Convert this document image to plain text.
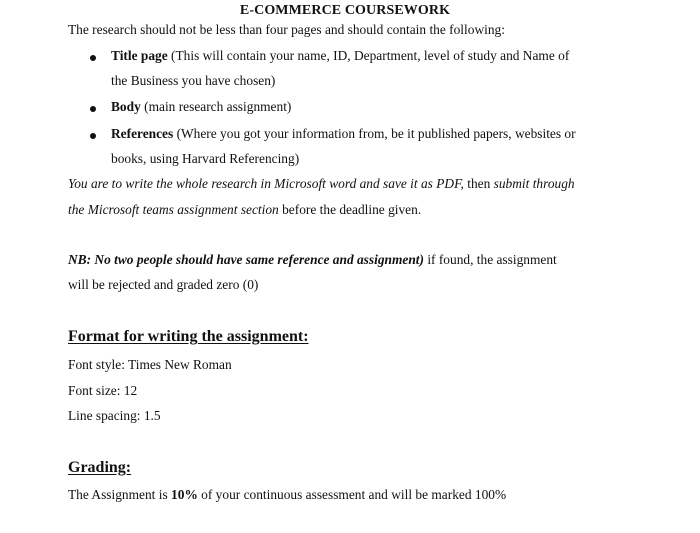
E-COMMERCE COURSEWORK
The research should not be less than four pages and should contain the following:
Title page (This will contain your name, ID, Department, level of study and Name of
the Business you have chosen)
Body (main research assignment)
References (Where you got your information from, be it published papers, websites or
books, using Harvard Referencing)
You are to write the whole research in Microsoft word and save it as PDF, then submit through
the Microsoft teams assignment section before the deadline given.
NB: No two people should have same reference and assignment) if found, the assignment
will be rejected and graded zero (0)
Format for writing the assignment:
Font style: Times New Roman
Font size: 12
Line spacing: 1.5
Grading:
The Assignment is 10% of your continuous assessment and will be marked 100%
